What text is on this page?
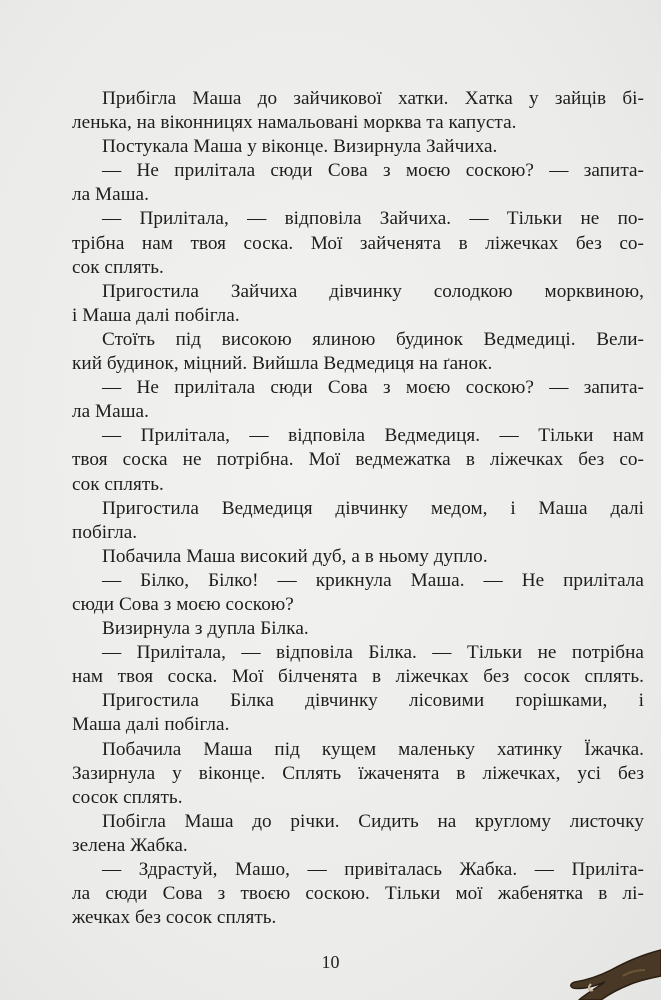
Прибігла Маша до зайчикової хатки. Хатка у зайців бі-
ленька, на віконницях намальовані морква та капуста.
Постукала Маша у віконце. Визирнула Зайчиха.
— Не прилітала сюди Сова з моєю соскою? — запита-
ла Маша.
— Прилітала, — відповіла Зайчиха. — Тільки не по-
трібна нам твоя соска. Мої зайченята в ліжечках без со-
сок сплять.
Пригостила Зайчиха дівчинку солодкою морквиною,
і Маша далі побігла.
Стоїть під високою ялиною будинок Ведмедиці. Вели-
кий будинок, міцний. Вийшла Ведмедиця на ґанок.
— Не прилітала сюди Сова з моєю соскою? — запита-
ла Маша.
— Прилітала, — відповіла Ведмедиця. — Тільки нам
твоя соска не потрібна. Мої ведмежатка в ліжечках без со-
сок сплять.
Пригостила Ведмедиця дівчинку медом, і Маша далі
побігла.
Побачила Маша високий дуб, а в ньому дупло.
— Білко, Білко! — крикнула Маша. — Не прилітала
сюди Сова з моєю соскою?
Визирнула з дупла Білка.
— Прилітала, — відповіла Білка. — Тільки не потрібна
нам твоя соска. Мої білченята в ліжечках без сосок сплять.
Пригостила Білка дівчинку лісовими горішками, і
Маша далі побігла.
Побачила Маша під кущем маленьку хатинку Їжачка.
Зазирнула у віконце. Сплять їжаченята в ліжечках, усі без
сосок сплять.
Побігла Маша до річки. Сидить на круглому листочку
зелена Жабка.
— Здрастуй, Машо, — привіталась Жабка. — Приліта-
ла сюди Сова з твоєю соскою. Тільки мої жабенятка в лі-
жечках без сосок сплять.
10
